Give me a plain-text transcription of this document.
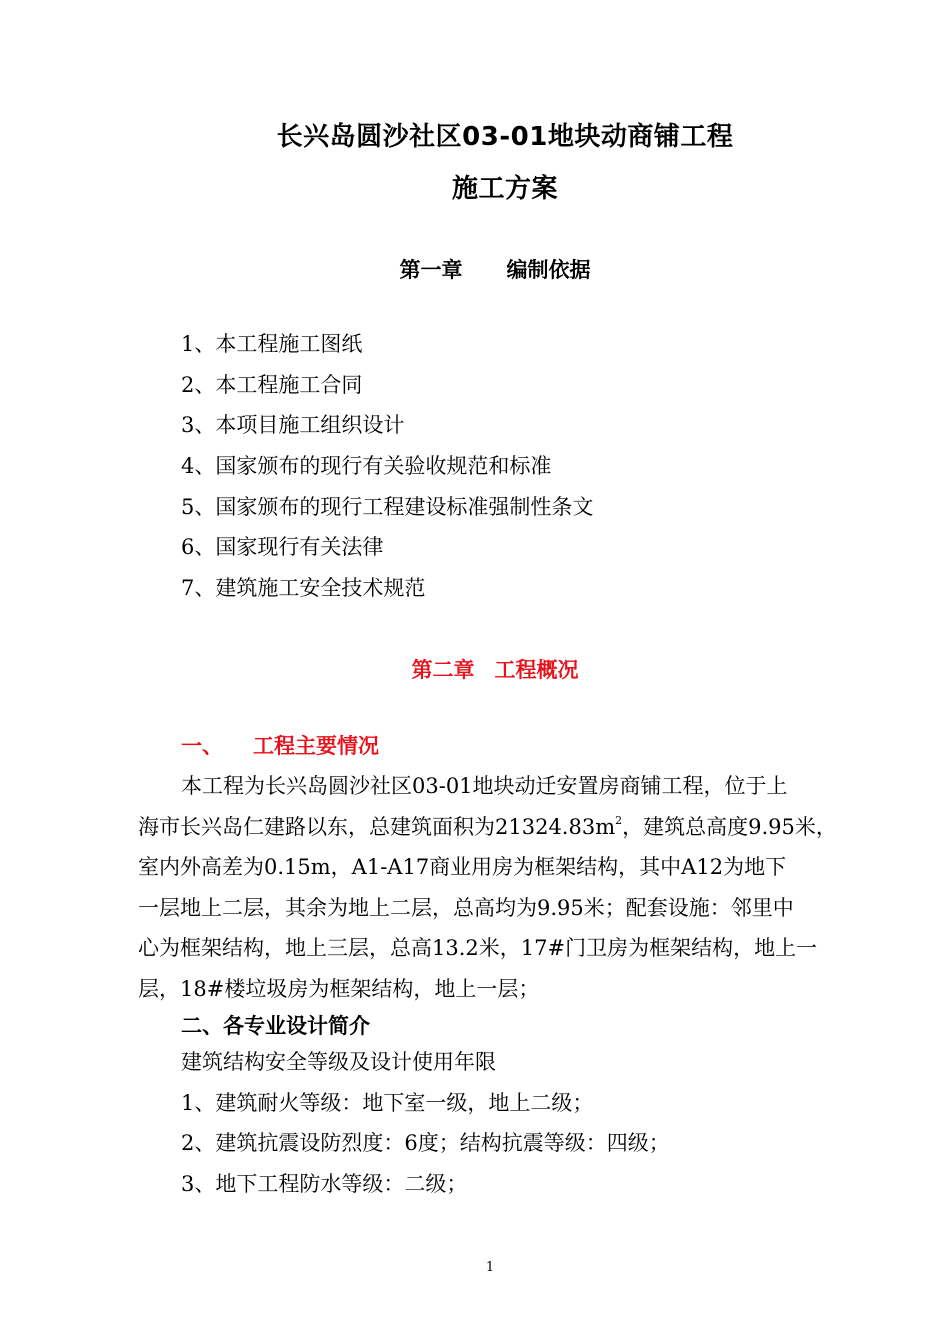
长兴岛圆沙社区03-01地块动商铺工程
施工方案
第一章 编制依据
1、本工程施工图纸
2、本工程施工合同
3、本项目施工组织设计
4、国家颁布的现行有关验收规范和标准
5、国家颁布的现行工程建设标准强制性条文
6、国家现行有关法律
7、建筑施工安全技术规范
第二章 工程概况
一、 工程主要情况
本工程为长兴岛圆沙社区03-01地块动迁安置房商铺工程，位于上
海市长兴岛仁建路以东，总建筑面积为$21324.83m^2$，建筑总高度9.95米，
室内外高差为0.15m，A1-A17商业用房为框架结构，其中A12为地下
一层地上二层，其余为地上二层，总高均为9.95米；配套设施：邻里中
心为框架结构，地上三层，总高13.2米，17#门卫房为框架结构，地上一
层，18#楼垃圾房为框架结构，地上一层；
二、各专业设计简介
建筑结构安全等级及设计使用年限
1、建筑耐火等级：地下室一级，地上二级；
2、建筑抗震设防烈度：6度；结构抗震等级：四级；
3、地下工程防水等级：二级；
1
